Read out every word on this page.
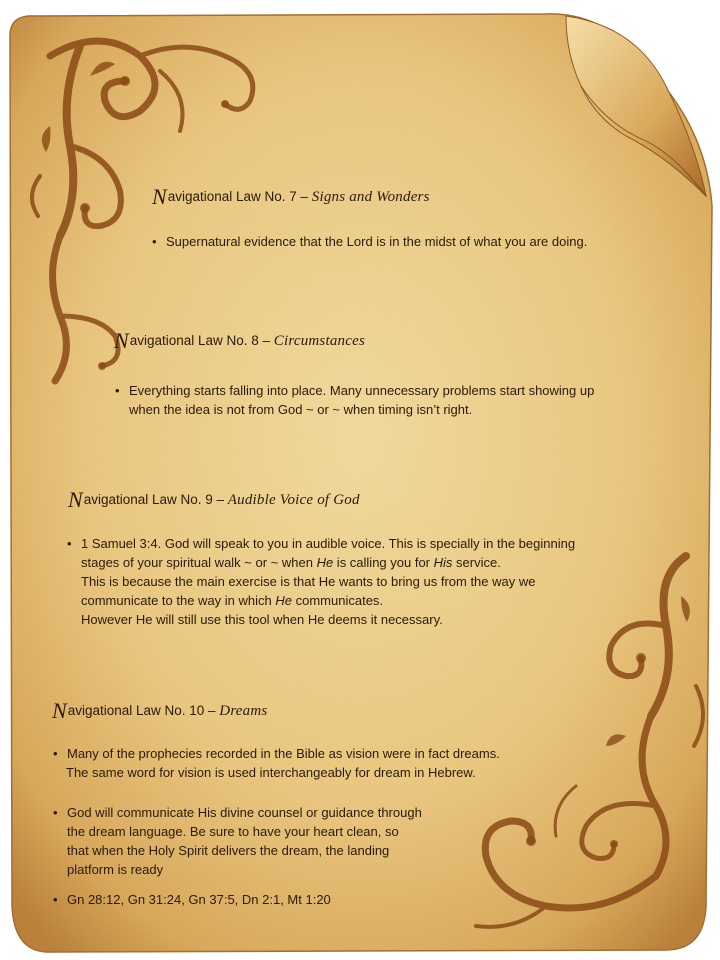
Navigational Law No. 7 – Signs and Wonders
• Supernatural evidence that the Lord is in the midst of what you are doing.
Navigational Law No. 8 – Circumstances
• Everything starts falling into place. Many unnecessary problems start showing up
when the idea is not from God ~ or ~ when timing isn’t right.
Navigational Law No. 9 – Audible Voice of God
• 1 Samuel 3:4. God will speak to you in audible voice. This is specially in the beginning
stages of your spiritual walk ~ or ~ when He is calling you for His service.
This is because the main exercise is that He wants to bring us from the way we
communicate to the way in which He communicates.
However He will still use this tool when He deems it necessary.
Navigational Law No. 10 – Dreams
• Many of the prophecies recorded in the Bible as vision were in fact dreams.
The same word for vision is used interchangeably for dream in Hebrew.
• God will communicate His divine counsel or guidance through
the dream language. Be sure to have your heart clean, so
that when the Holy Spirit delivers the dream, the landing
platform is ready
• Gn 28:12, Gn 31:24, Gn 37:5, Dn 2:1, Mt 1:20
